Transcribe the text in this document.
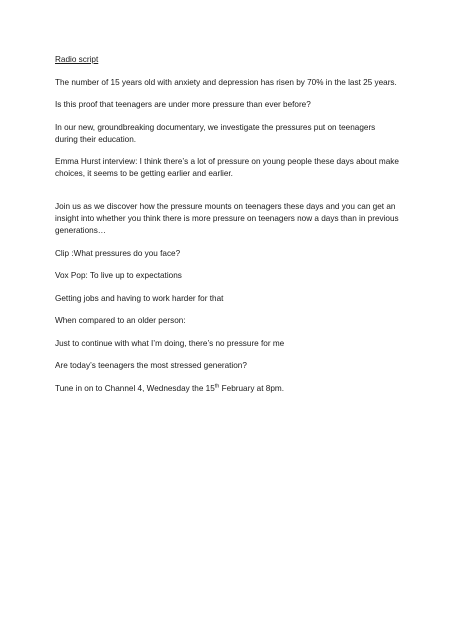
Radio script

The number of 15 years old with anxiety and depression has risen by 70% in the last 25 years.

Is this proof that teenagers are under more pressure than ever before?

In our new, groundbreaking documentary, we investigate the pressures put on teenagers during their education.

Emma Hurst interview: I think there’s a lot of pressure on young people these days about make choices, it seems to be getting earlier and earlier.

Join us as we discover how the pressure mounts on teenagers these days and you can get an insight into whether you think there is more pressure on teenagers now a days than in previous generations…

Clip :What pressures do you face?

Vox Pop: To live up to expectations

Getting jobs and having to work harder for that

When compared to an older person:

Just to continue with what I’m doing, there’s no pressure for me

Are today’s teenagers the most stressed generation?

Tune in on to Channel 4, Wednesday the 15th February at 8pm.
